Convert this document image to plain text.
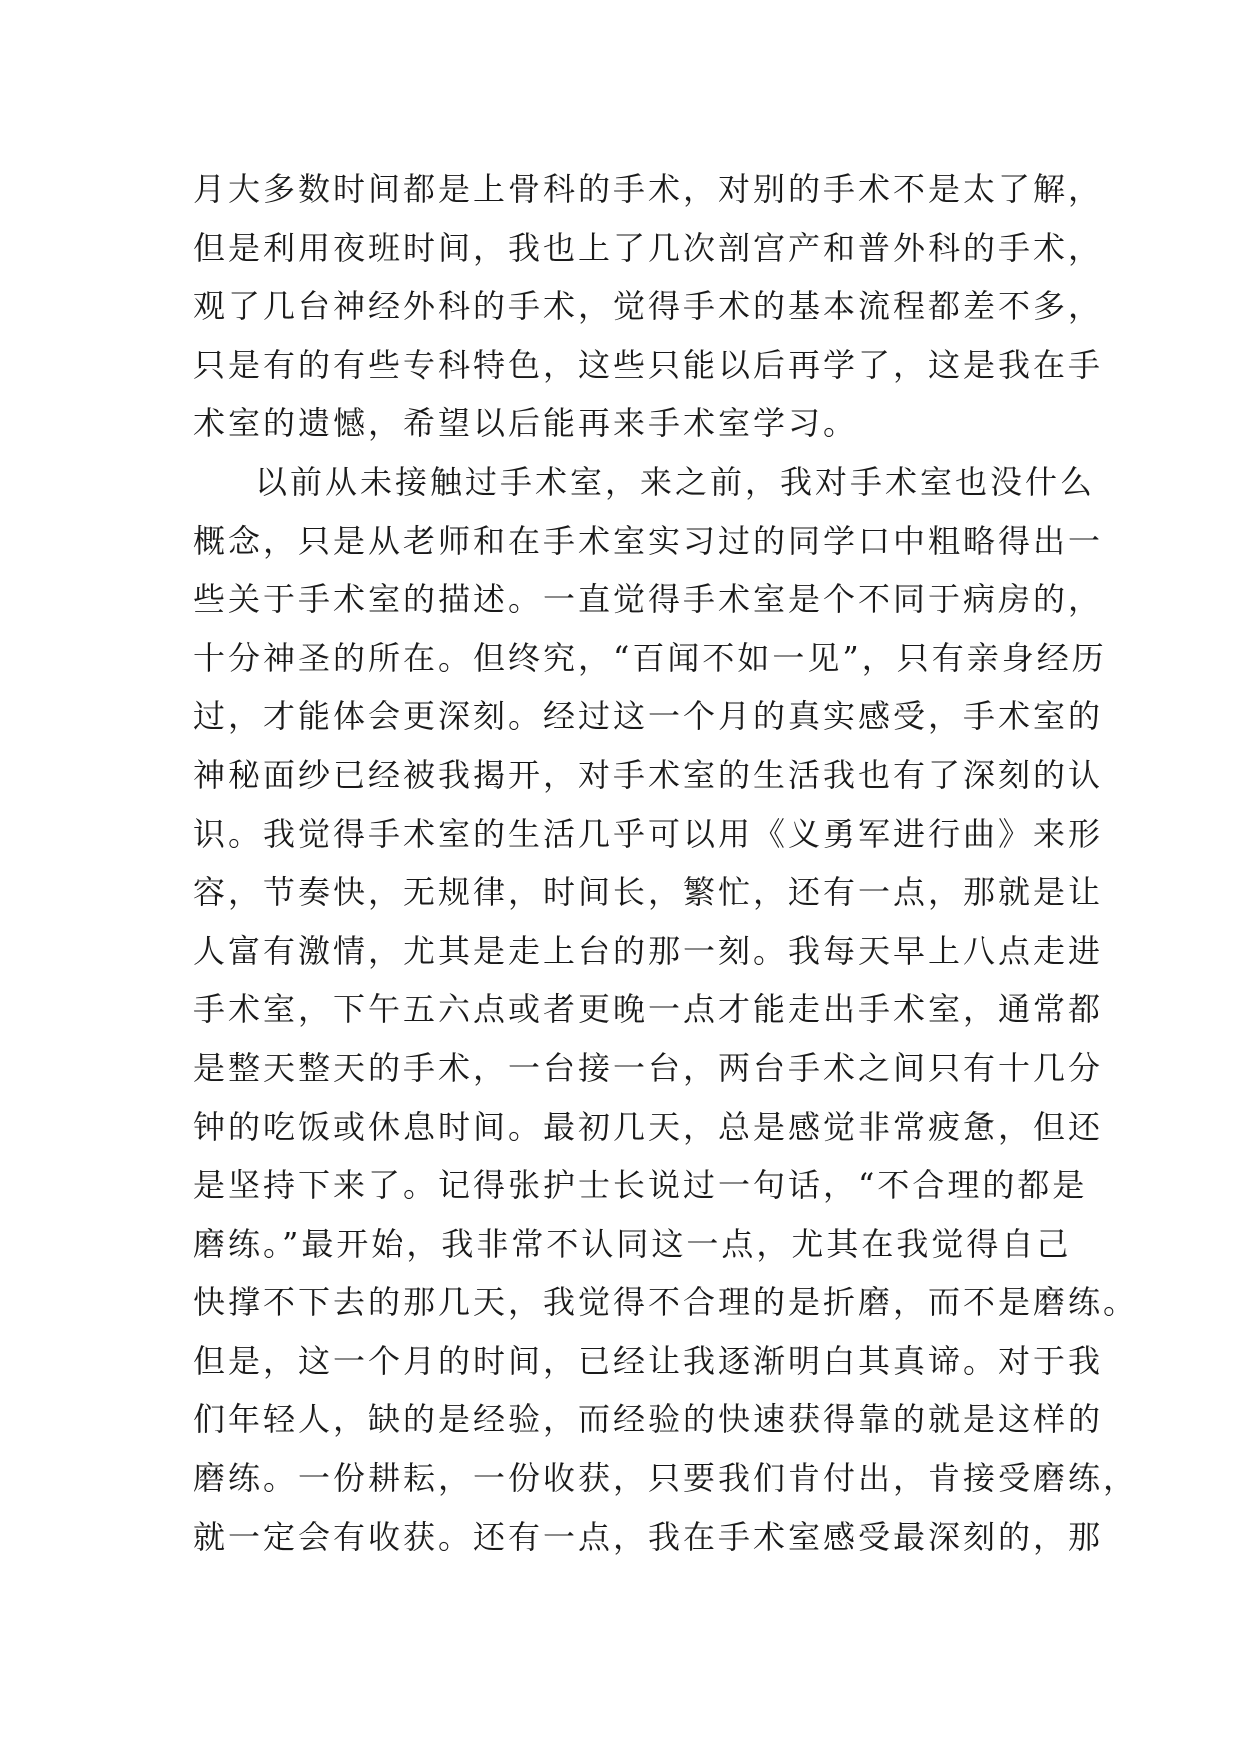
月大多数时间都是上骨科的手术，对别的手术不是太了解，
但是利用夜班时间，我也上了几次剖宫产和普外科的手术，
观了几台神经外科的手术，觉得手术的基本流程都差不多，
只是有的有些专科特色，这些只能以后再学了，这是我在手
术室的遗憾，希望以后能再来手术室学习。
以前从未接触过手术室，来之前，我对手术室也没什么
概念，只是从老师和在手术室实习过的同学口中粗略得出一
些关于手术室的描述。一直觉得手术室是个不同于病房的，
十分神圣的所在。但终究，“百闻不如一见”，只有亲身经历
过，才能体会更深刻。经过这一个月的真实感受，手术室的
神秘面纱已经被我揭开，对手术室的生活我也有了深刻的认
识。我觉得手术室的生活几乎可以用《义勇军进行曲》来形
容，节奏快，无规律，时间长，繁忙，还有一点，那就是让
人富有激情，尤其是走上台的那一刻。我每天早上八点走进
手术室，下午五六点或者更晚一点才能走出手术室，通常都
是整天整天的手术，一台接一台，两台手术之间只有十几分
钟的吃饭或休息时间。最初几天，总是感觉非常疲惫，但还
是坚持下来了。记得张护士长说过一句话，“不合理的都是
磨练。”最开始，我非常不认同这一点，尤其在我觉得自己
快撑不下去的那几天，我觉得不合理的是折磨，而不是磨练。
但是，这一个月的时间，已经让我逐渐明白其真谛。对于我
们年轻人，缺的是经验，而经验的快速获得靠的就是这样的
磨练。一份耕耘，一份收获，只要我们肯付出，肯接受磨练，
就一定会有收获。还有一点，我在手术室感受最深刻的，那
